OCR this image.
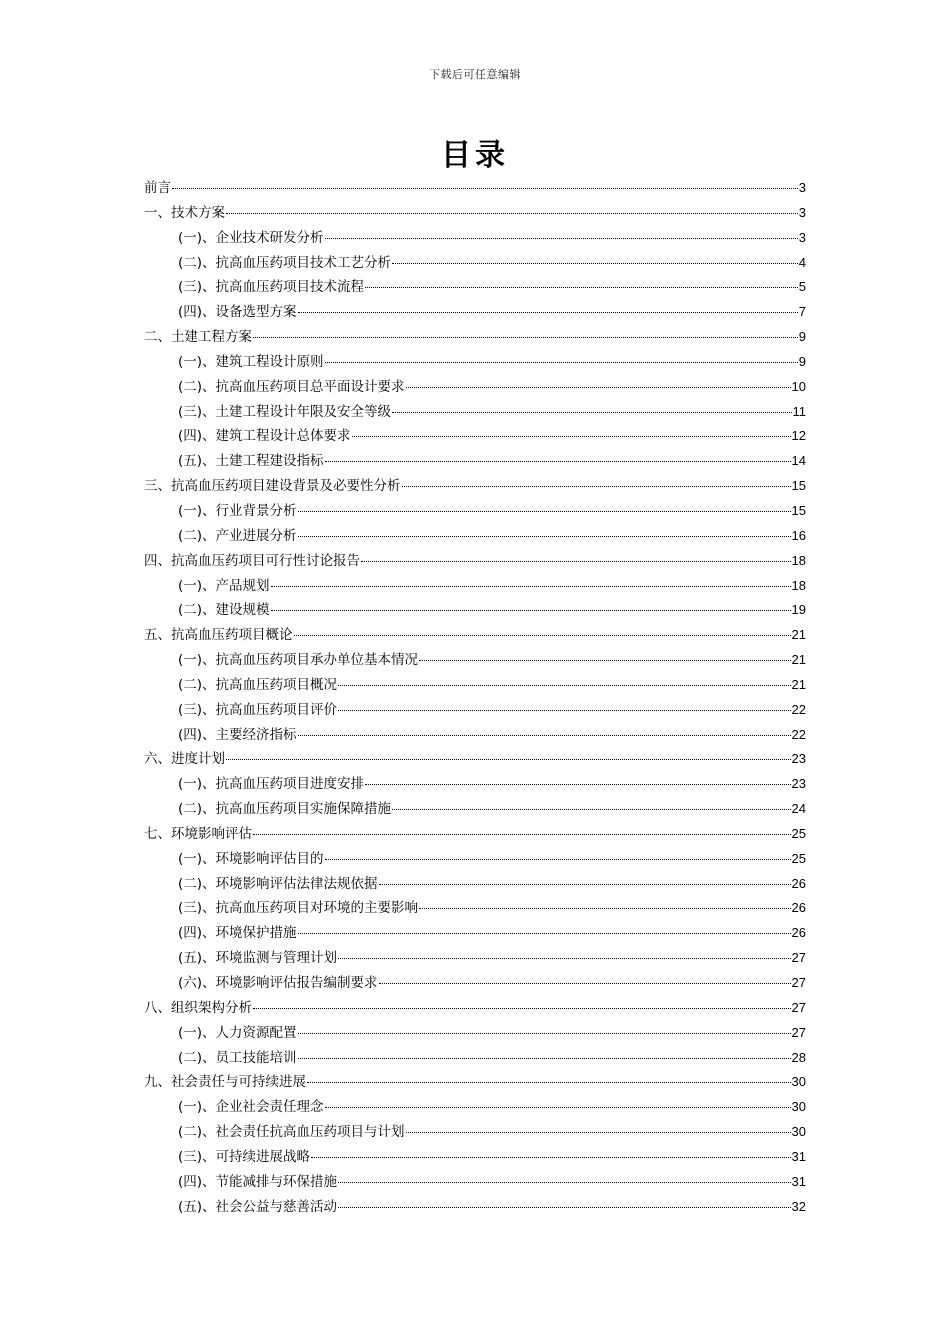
下载后可任意编辑
目录
前言	3
一、技术方案	3
(一)、企业技术研发分析	3
(二)、抗高血压药项目技术工艺分析	4
(三)、抗高血压药项目技术流程	5
(四)、设备选型方案	7
二、土建工程方案	9
(一)、建筑工程设计原则	9
(二)、抗高血压药项目总平面设计要求	10
(三)、土建工程设计年限及安全等级	11
(四)、建筑工程设计总体要求	12
(五)、土建工程建设指标	14
三、抗高血压药项目建设背景及必要性分析	15
(一)、行业背景分析	15
(二)、产业进展分析	16
四、抗高血压药项目可行性讨论报告	18
(一)、产品规划	18
(二)、建设规模	19
五、抗高血压药项目概论	21
(一)、抗高血压药项目承办单位基本情况	21
(二)、抗高血压药项目概况	21
(三)、抗高血压药项目评价	22
(四)、主要经济指标	22
六、进度计划	23
(一)、抗高血压药项目进度安排	23
(二)、抗高血压药项目实施保障措施	24
七、环境影响评估	25
(一)、环境影响评估目的	25
(二)、环境影响评估法律法规依据	26
(三)、抗高血压药项目对环境的主要影响	26
(四)、环境保护措施	26
(五)、环境监测与管理计划	27
(六)、环境影响评估报告编制要求	27
八、组织架构分析	27
(一)、人力资源配置	27
(二)、员工技能培训	28
九、社会责任与可持续进展	30
(一)、企业社会责任理念	30
(二)、社会责任抗高血压药项目与计划	30
(三)、可持续进展战略	31
(四)、节能减排与环保措施	31
(五)、社会公益与慈善活动	32
